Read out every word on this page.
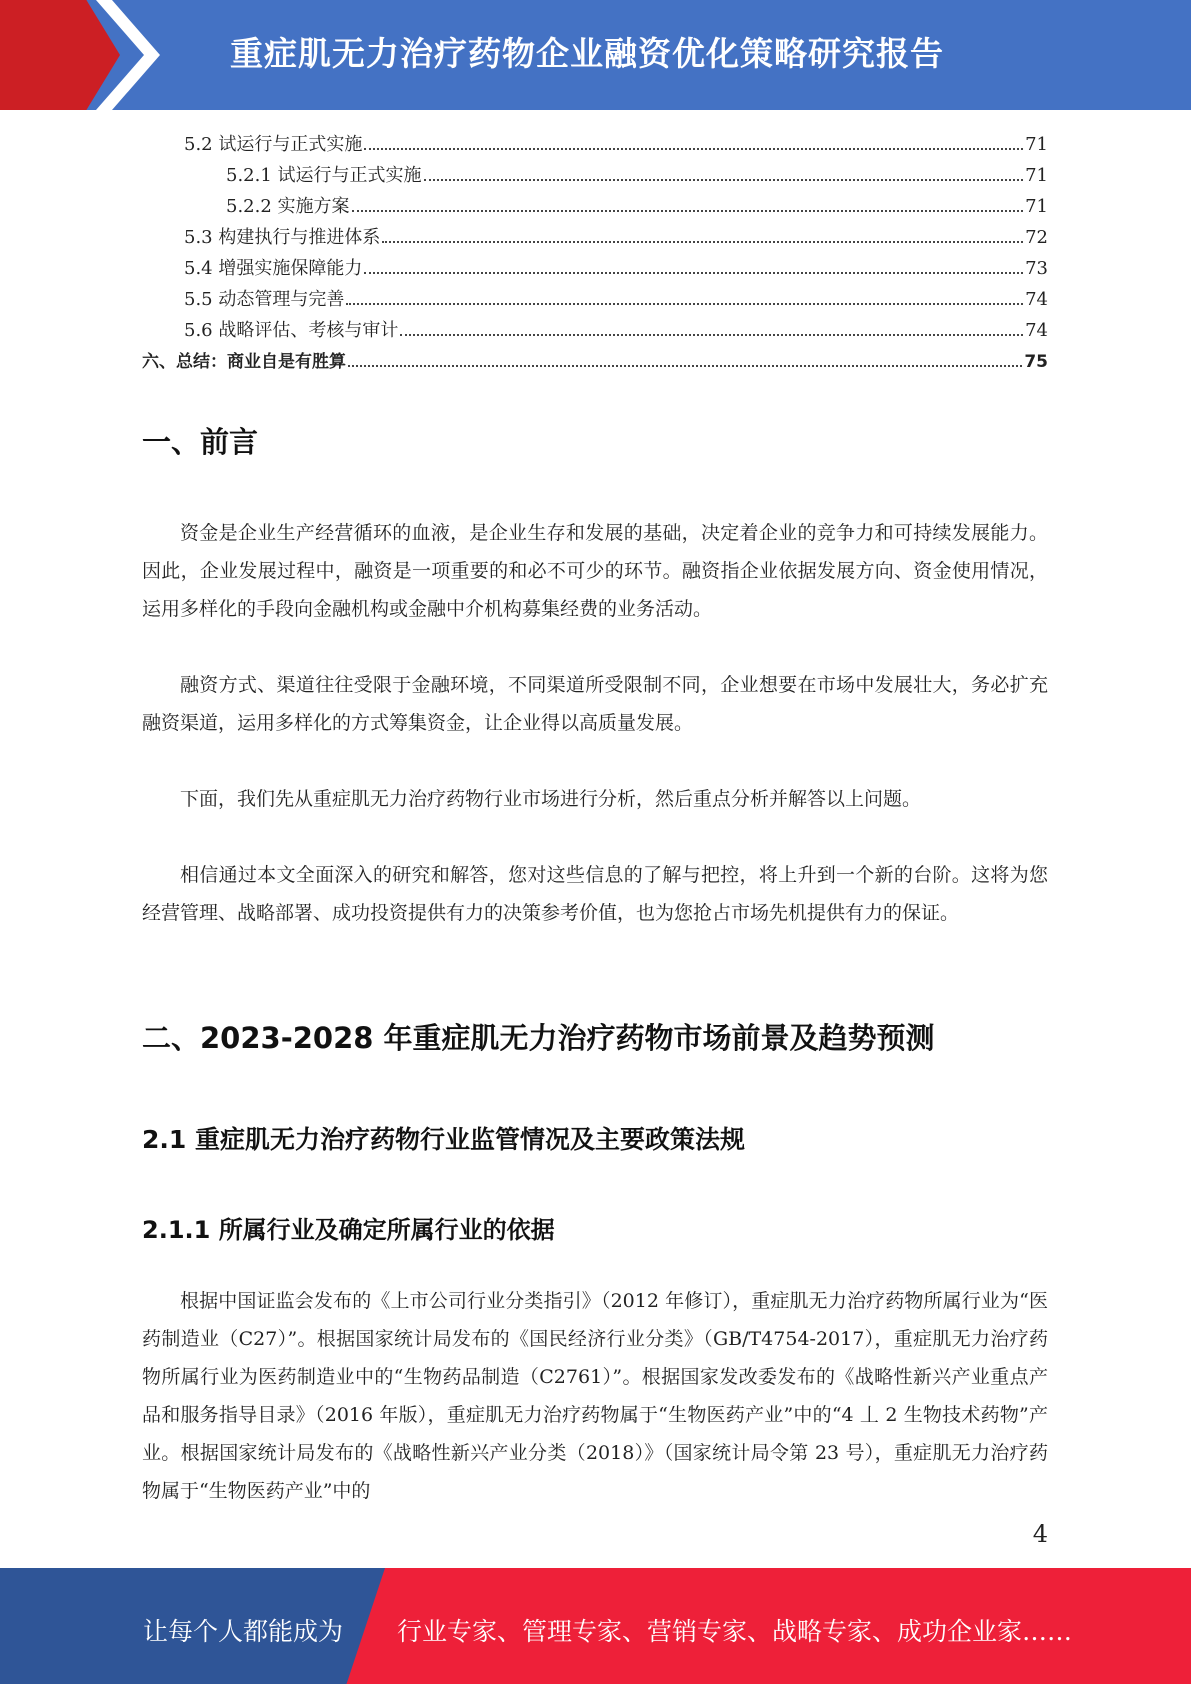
重症肌无力治疗药物企业融资优化策略研究报告
5.2 试运行与正式实施	71
5.2.1 试运行与正式实施	71
5.2.2 实施方案	71
5.3 构建执行与推进体系	72
5.4 增强实施保障能力	73
5.5 动态管理与完善	74
5.6 战略评估、考核与审计	74
六、总结：商业自是有胜算	75
一、前言

资金是企业生产经营循环的血液，是企业生存和发展的基础，决定着企业的竞争力和可持续发展能力。因此，企业发展过程中，融资是一项重要的和必不可少的环节。融资指企业依据发展方向、资金使用情况，运用多样化的手段向金融机构或金融中介机构募集经费的业务活动。

融资方式、渠道往往受限于金融环境，不同渠道所受限制不同，企业想要在市场中发展壮大，务必扩充融资渠道，运用多样化的方式筹集资金，让企业得以高质量发展。

下面，我们先从重症肌无力治疗药物行业市场进行分析，然后重点分析并解答以上问题。

相信通过本文全面深入的研究和解答，您对这些信息的了解与把控，将上升到一个新的台阶。这将为您经营管理、战略部署、成功投资提供有力的决策参考价值，也为您抢占市场先机提供有力的保证。

二、2023-2028 年重症肌无力治疗药物市场前景及趋势预测
2.1 重症肌无力治疗药物行业监管情况及主要政策法规
2.1.1 所属行业及确定所属行业的依据

根据中国证监会发布的《上市公司行业分类指引》（2012 年修订），重症肌无力治疗药物所属行业为“医药制造业（C27）”。根据国家统计局发布的《国民经济行业分类》（GB/T4754-2017），重症肌无力治疗药物所属行业为医药制造业中的“生物药品制造（C2761）”。根据国家发改委发布的《战略性新兴产业重点产品和服务指导目录》（2016 年版），重症肌无力治疗药物属于“生物医药产业”中的“4 丄 2 生物技术药物”产业。根据国家统计局发布的《战略性新兴产业分类（2018）》（国家统计局令第 23 号），重症肌无力治疗药物属于“生物医药产业”中的

4
让每个人都能成为 行业专家、管理专家、营销专家、战略专家、成功企业家……
